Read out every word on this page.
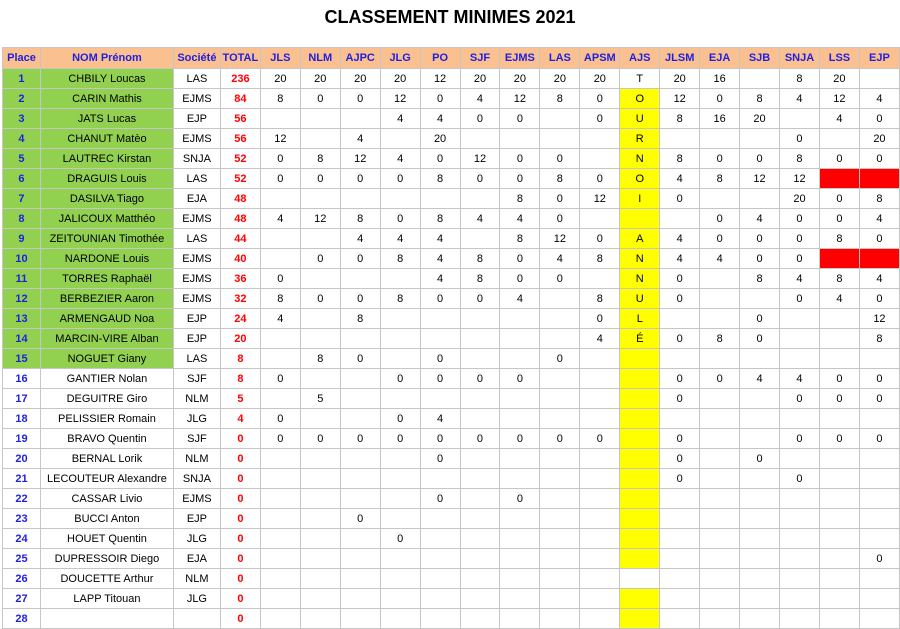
CLASSEMENT MINIMES 2021
Place	NOM Prénom	Société	TOTAL	JLS	NLM	AJPC	JLG	PO	SJF	EJMS	LAS	APSM	AJS	JLSM	EJA	SJB	SNJA	LSS	EJP
1	CHBILY Loucas	LAS	236	20	20	20	20	12	20	20	20	20	T	20	16		8	20	
2	CARIN Mathis	EJMS	84	8	0	0	12	0	4	12	8	0	O	12	0	8	4	12	4
3	JATS Lucas	EJP	56				4	4	0	0		0	U	8	16	20		4	0
4	CHANUT Matèo	EJMS	56	12		4		20					R				0		20
5	LAUTREC Kirstan	SNJA	52	0	8	12	4	0	12	0	0		N	8	0	0	8	0	0
6	DRAGUIS Louis	LAS	52	0	0	0	0	8	0	0	8	0	O	4	8	12	12		
7	DASILVA Tiago	EJA	48							8	0	12	I	0			20	0	8
8	JALICOUX Matthéo	EJMS	48	4	12	8	0	8	4	4	0				0	4	0	0	4
9	ZEITOUNIAN Timothée	LAS	44			4	4	4		8	12	0	A	4	0	0	0	8	0
10	NARDONE Louis	EJMS	40		0	0	8	4	8	0	4	8	N	4	4	0	0		
11	TORRES Raphaël	EJMS	36	0				4	8	0	0		N	0		8	4	8	4
12	BERBEZIER Aaron	EJMS	32	8	0	0	8	0	0	4		8	U	0			0	4	0
13	ARMENGAUD Noa	EJP	24	4		8						0	L			0			12
14	MARCIN-VIRE Alban	EJP	20									4	É	0	8	0			8
15	NOGUET Giany	LAS	8		8	0		0			0								
16	GANTIER Nolan	SJF	8	0			0	0	0	0				0	0	4	4	0	0
17	DEGUITRE Giro	NLM	5		5									0			0	0	0
18	PELISSIER Romain	JLG	4	0			0	4											
19	BRAVO Quentin	SJF	0	0	0	0	0	0	0	0	0	0		0			0	0	0
20	BERNAL Lorik	NLM	0					0						0		0			
21	LECOUTEUR Alexandre	SNJA	0											0			0		
22	CASSAR Livio	EJMS	0					0		0									
23	BUCCI Anton	EJP	0			0													
24	HOUET Quentin	JLG	0				0												
25	DUPRESSOIR Diego	EJA	0																0
26	DOUCETTE Arthur	NLM	0																
27	LAPP Titouan	JLG	0																
28			0																
